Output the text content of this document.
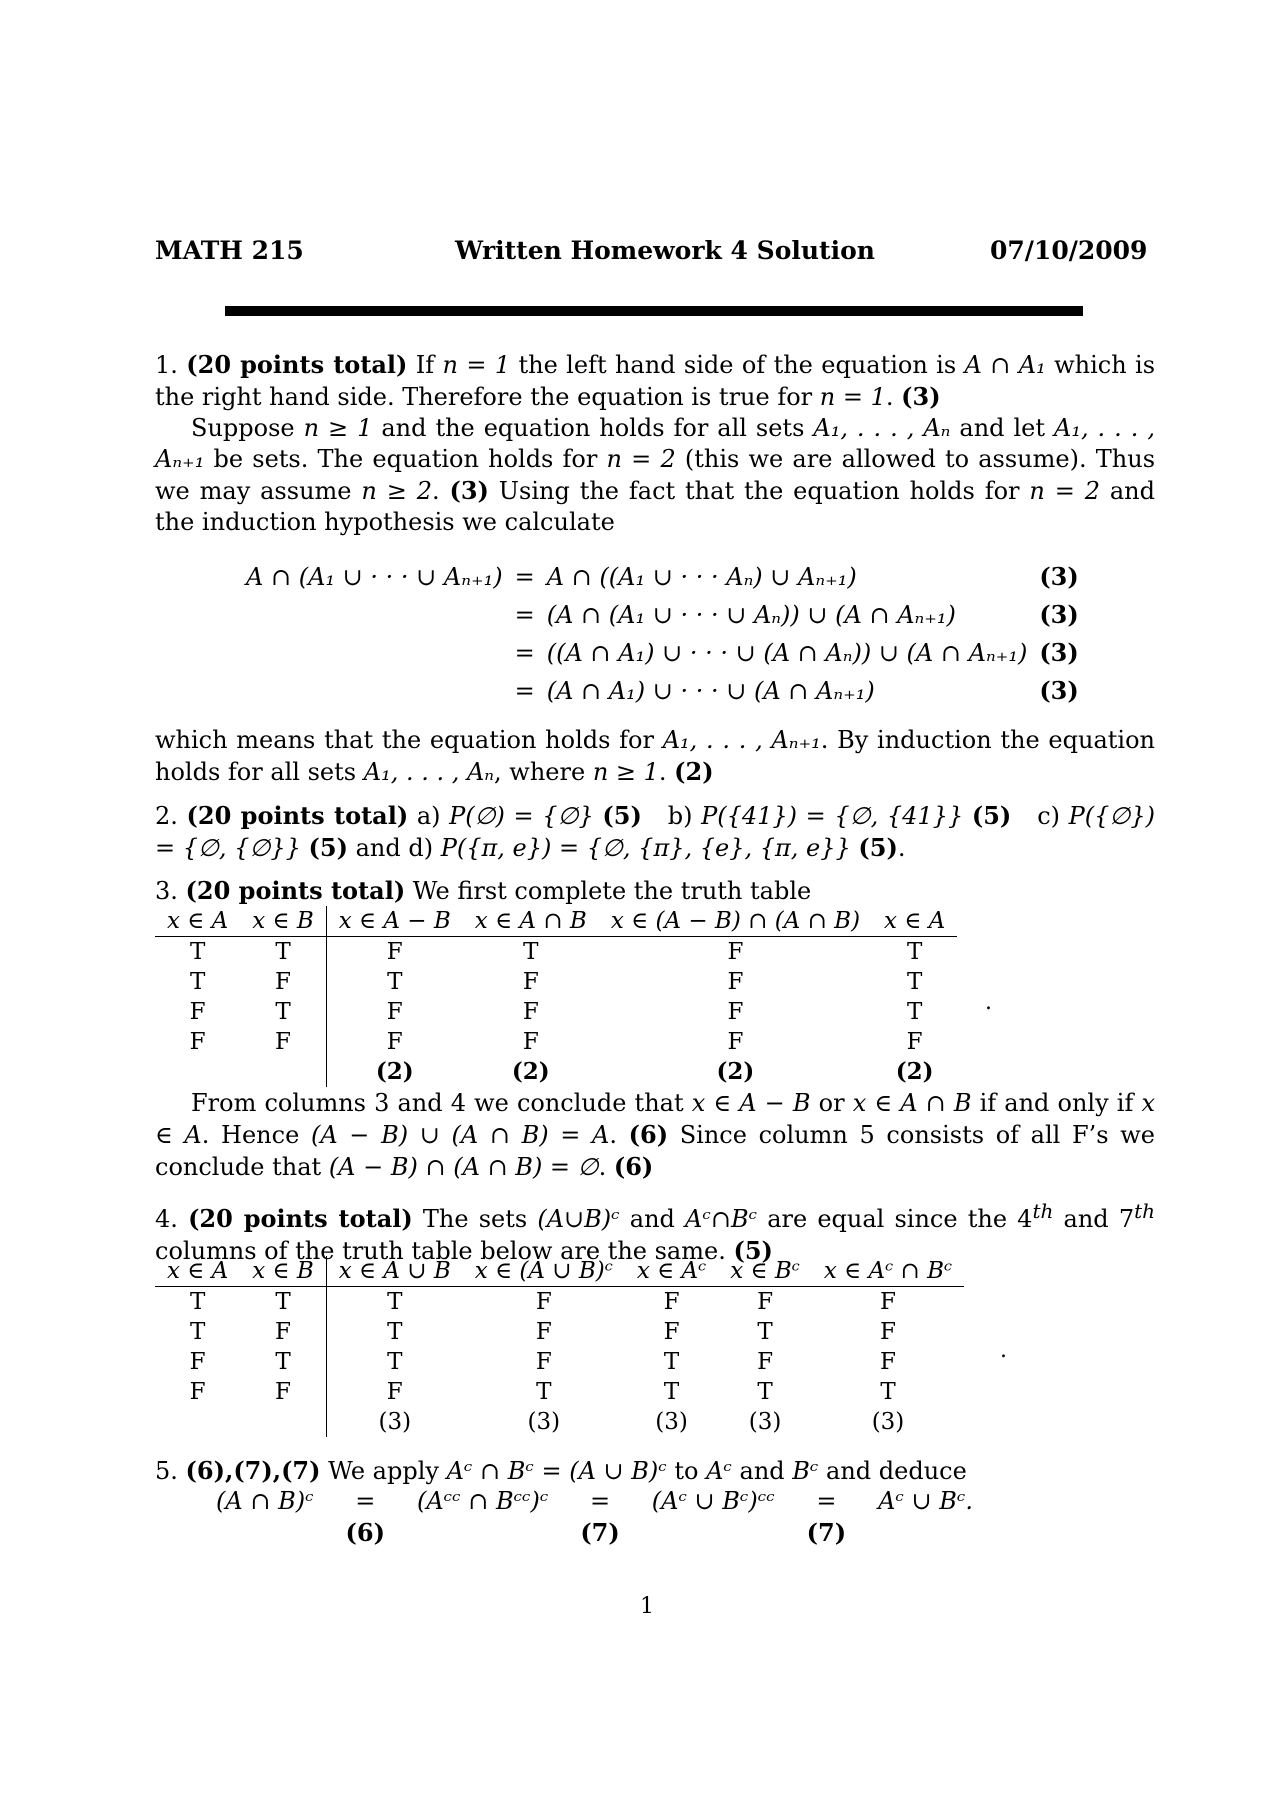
MATH 215	Written Homework 4 Solution	07/10/2009
1. (20 points total) If n = 1 the left hand side of the equation is A ∩ A₁ which is the right hand side. Therefore the equation is true for n = 1. (3)
Suppose n ≥ 1 and the equation holds for all sets A₁, . . . , Aₙ and let A₁, . . . , Aₙ₊₁ be sets. The equation holds for n = 2 (this we are allowed to assume). Thus we may assume n ≥ 2. (3) Using the fact that the equation holds for n = 2 and the induction hypothesis we calculate
A ∩ (A₁ ∪ · · · ∪ Aₙ₊₁)	=	A ∩ ((A₁ ∪ · · · Aₙ) ∪ Aₙ₊₁)	(3)
	=	(A ∩ (A₁ ∪ · · · ∪ Aₙ)) ∪ (A ∩ Aₙ₊₁)	(3)
	=	((A ∩ A₁) ∪ · · · ∪ (A ∩ Aₙ)) ∪ (A ∩ Aₙ₊₁)	(3)
	=	(A ∩ A₁) ∪ · · · ∪ (A ∩ Aₙ₊₁)	(3)
which means that the equation holds for A₁, . . . , Aₙ₊₁. By induction the equation holds for all sets A₁, . . . , Aₙ, where n ≥ 1. (2)
2. (20 points total) a) P(∅) = {∅} (5)   b) P({41}) = {∅, {41}} (5)   c) P({∅}) = {∅, {∅}} (5) and d) P({π, e}) = {∅, {π}, {e}, {π, e}} (5).
3. (20 points total) We first complete the truth table
x ∈ A	x ∈ B	x ∈ A − B	x ∈ A ∩ B	x ∈ (A − B) ∩ (A ∩ B)	x ∈ A
T	T	F	T	F	T
T	F	T	F	F	T
F	T	F	F	F	T
F	F	F	F	F	F
		(2)	(2)	(2)	(2)
.
From columns 3 and 4 we conclude that x ∈ A − B or x ∈ A ∩ B if and only if x ∈ A. Hence (A − B) ∪ (A ∩ B) = A. (6) Since column 5 consists of all F’s we conclude that (A − B) ∩ (A ∩ B) = ∅. (6)
4. (20 points total) The sets (A∪B)ᶜ and Aᶜ∩Bᶜ are equal since the 4th and 7th columns of the truth table below are the same. (5)
x ∈ A	x ∈ B	x ∈ A ∪ B	x ∈ (A ∪ B)ᶜ	x ∈ Aᶜ	x ∈ Bᶜ	x ∈ Aᶜ ∩ Bᶜ
T	T	T	F	F	F	F
T	F	T	F	F	T	F
F	T	T	F	T	F	F
F	F	F	T	T	T	T
		(3)	(3)	(3)	(3)	(3)
.
5. (6),(7),(7) We apply Aᶜ ∩ Bᶜ = (A ∪ B)ᶜ to Aᶜ and Bᶜ and deduce
(A ∩ B)ᶜ	=	(Aᶜᶜ ∩ Bᶜᶜ)ᶜ	=	(Aᶜ ∪ Bᶜ)ᶜᶜ	=	Aᶜ ∪ Bᶜ.
	(6)		(7)		(7)	
1
